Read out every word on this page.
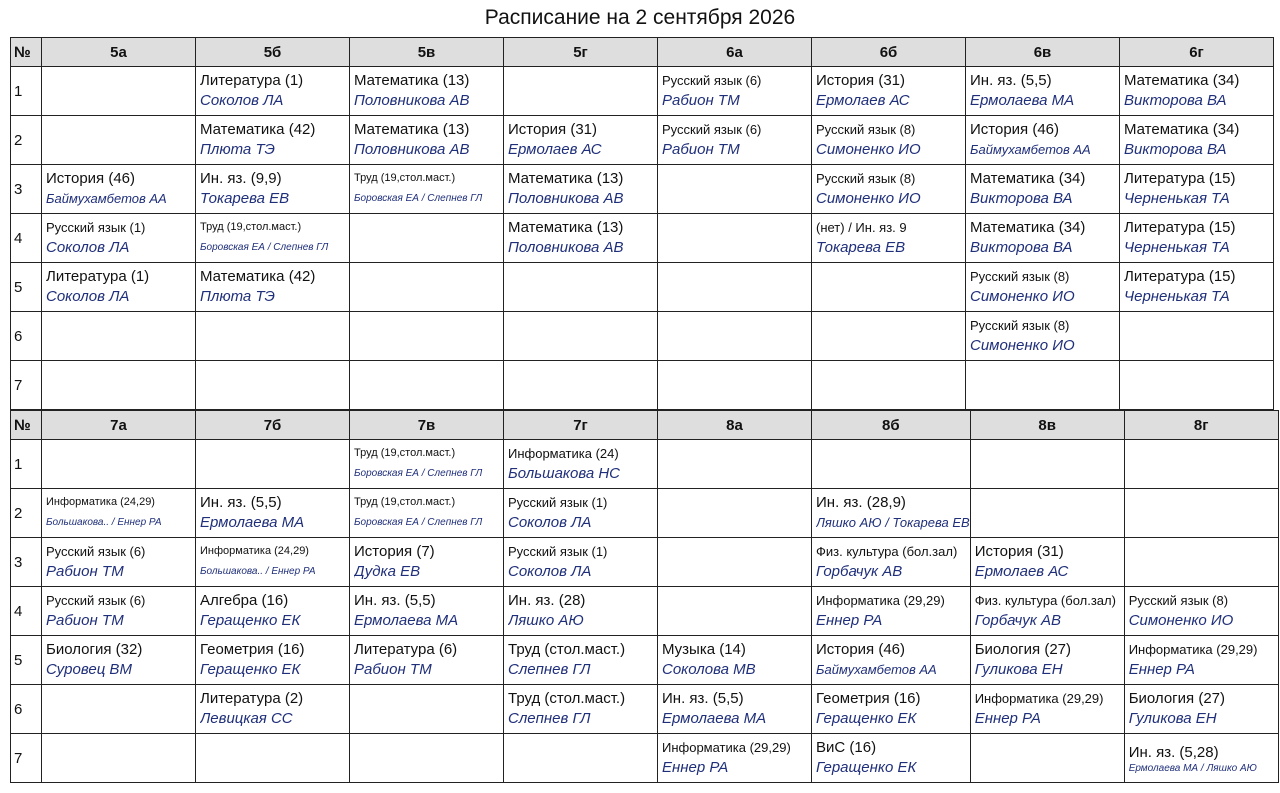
Расписание на 2 сентября 2026
№	5а	5б	5в	5г	6а	6б	6в	6г
1		Литература (1)
Соколов ЛА	Математика (13)
Половникова АВ		Русский язык (6)
Рабион ТМ	История (31)
Ермолаев АС	Ин. яз. (5,5)
Ермолаева МА	Математика (34)
Викторова ВА

2		Математика (42)
Плюта ТЭ	Математика (13)
Половникова АВ	История (31)
Ермолаев АС	Русский язык (6)
Рабион ТМ	Русский язык (8)
Симоненко ИО	История (46)
Баймухамбетов АА	Математика (34)
Викторова ВА

3	История (46)
Баймухамбетов АА	Ин. яз. (9,9)
Токарева ЕВ	Труд (19,стол.маст.)
Боровская ЕА / Слепнев ГЛ	Математика (13)
Половникова АВ		Русский язык (8)
Симоненко ИО	Математика (34)
Викторова ВА	Литература (15)
Черненькая ТА

4	Русский язык (1)
Соколов ЛА	Труд (19,стол.маст.)
Боровская ЕА / Слепнев ГЛ		Математика (13)
Половникова АВ		(нет) / Ин. яз. 9
Токарева ЕВ	Математика (34)
Викторова ВА	Литература (15)
Черненькая ТА

5	Литература (1)
Соколов ЛА	Математика (42)
Плюта ТЭ					Русский язык (8)
Симоненко ИО	Литература (15)
Черненькая ТА

6							Русский язык (8)
Симоненко ИО	

7								
№	7а	7б	7в	7г	8а	8б	8в	8г
1			Труд (19,стол.маст.)
Боровская ЕА / Слепнев ГЛ	Информатика (24)
Большакова НС				

2	Информатика (24,29)
Большакова.. / Еннер РА	Ин. яз. (5,5)
Ермолаева МА	Труд (19,стол.маст.)
Боровская ЕА / Слепнев ГЛ	Русский язык (1)
Соколов ЛА		Ин. яз. (28,9)
Ляшко АЮ / Токарева ЕВ		

3	Русский язык (6)
Рабион ТМ	Информатика (24,29)
Большакова.. / Еннер РА	История (7)
Дудка ЕВ	Русский язык (1)
Соколов ЛА		Физ. культура (бол.зал)
Горбачук АВ	История (31)
Ермолаев АС	

4	Русский язык (6)
Рабион ТМ	Алгебра (16)
Геращенко ЕК	Ин. яз. (5,5)
Ермолаева МА	Ин. яз. (28)
Ляшко АЮ		Информатика (29,29)
Еннер РА	Физ. культура (бол.зал)
Горбачук АВ	Русский язык (8)
Симоненко ИО

5	Биология (32)
Суровец ВМ	Геометрия (16)
Геращенко ЕК	Литература (6)
Рабион ТМ	Труд (стол.маст.)
Слепнев ГЛ	Музыка (14)
Соколова МВ	История (46)
Баймухамбетов АА	Биология (27)
Гуликова ЕН	Информатика (29,29)
Еннер РА

6		Литература (2)
Левицкая СС		Труд (стол.маст.)
Слепнев ГЛ	Ин. яз. (5,5)
Ермолаева МА	Геометрия (16)
Геращенко ЕК	Информатика (29,29)
Еннер РА	Биология (27)
Гуликова ЕН

7					Информатика (29,29)
Еннер РА	ВиС (16)
Геращенко ЕК		Ин. яз. (5,28)
Ермолаева МА / Ляшко АЮ
